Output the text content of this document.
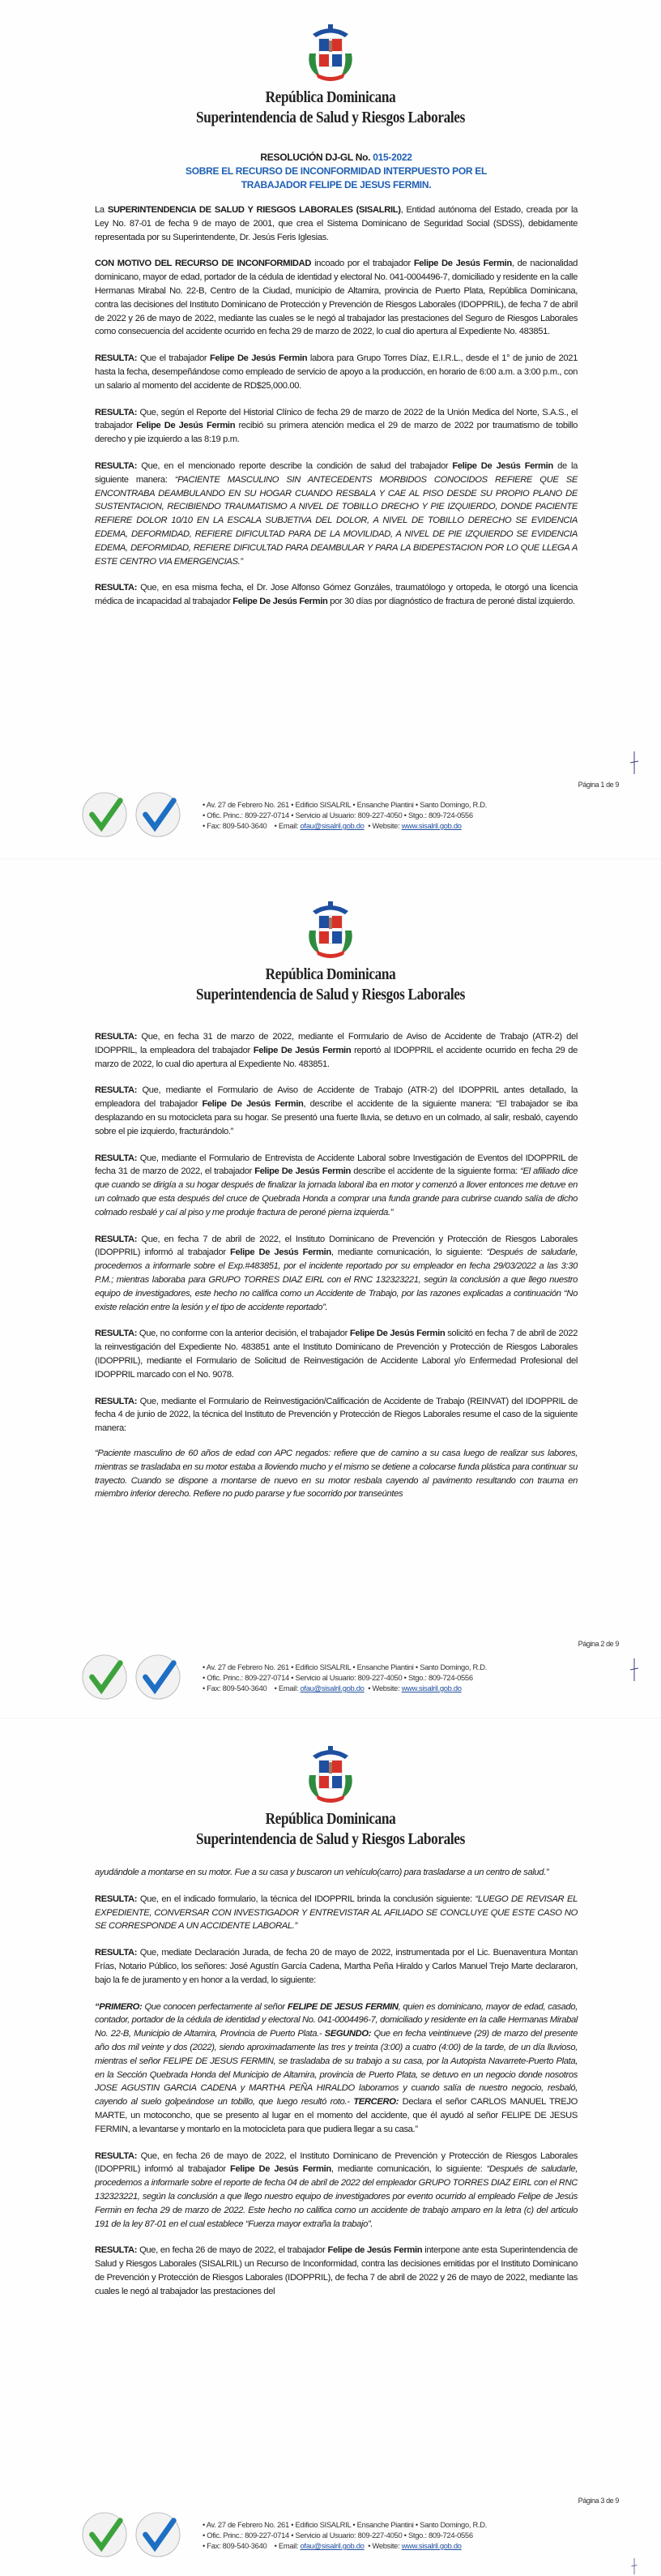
República Dominicana
Superintendencia de Salud y Riesgos Laborales
RESOLUCIÓN DJ-GL No. 015-2022
SOBRE EL RECURSO DE INCONFORMIDAD INTERPUESTO POR EL
TRABAJADOR FELIPE DE JESUS FERMIN.

La SUPERINTENDENCIA DE SALUD Y RIESGOS LABORALES (SISALRIL), Entidad autónoma del Estado, creada por la Ley No. 87-01 de fecha 9 de mayo de 2001, que crea el Sistema Dominicano de Seguridad Social (SDSS), debidamente representada por su Superintendente, Dr. Jesús Feris Iglesias.

CON MOTIVO DEL RECURSO DE INCONFORMIDAD incoado por el trabajador Felipe De Jesús Fermin, de nacionalidad dominicano, mayor de edad, portador de la cédula de identidad y electoral No. 041-0004496-7, domiciliado y residente en la calle Hermanas Mirabal No. 22-B, Centro de la Ciudad, municipio de Altamira, provincia de Puerto Plata, República Dominicana, contra las decisiones del Instituto Dominicano de Protección y Prevención de Riesgos Laborales (IDOPPRIL), de fecha 7 de abril de 2022 y 26 de mayo de 2022, mediante las cuales se le negó al trabajador las prestaciones del Seguro de Riesgos Laborales como consecuencia del accidente ocurrido en fecha 29 de marzo de 2022, lo cual dio apertura al Expediente No. 483851.

RESULTA: Que el trabajador Felipe De Jesús Fermin labora para Grupo Torres Díaz, E.I.R.L., desde el 1° de junio de 2021 hasta la fecha, desempeñándose como empleado de servicio de apoyo a la producción, en horario de 6:00 a.m. a 3:00 p.m., con un salario al momento del accidente de RD$25,000.00.

RESULTA: Que, según el Reporte del Historial Clínico de fecha 29 de marzo de 2022 de la Unión Medica del Norte, S.A.S., el trabajador Felipe De Jesús Fermin recibió su primera atención medica el 29 de marzo de 2022 por traumatismo de tobillo derecho y pie izquierdo a las 8:19 p.m.

RESULTA: Que, en el mencionado reporte describe la condición de salud del trabajador Felipe De Jesús Fermin de la siguiente manera: “PACIENTE MASCULINO SIN ANTECEDENTS MORBIDOS CONOCIDOS REFIERE QUE SE ENCONTRABA DEAMBULANDO EN SU HOGAR CUANDO RESBALA Y CAE AL PISO DESDE SU PROPIO PLANO DE SUSTENTACION, RECIBIENDO TRAUMATISMO A NIVEL DE TOBILLO DRECHO Y PIE IZQUIERDO, DONDE PACIENTE REFIERE DOLOR 10/10 EN LA ESCALA SUBJETIVA DEL DOLOR, A NIVEL DE TOBILLO DERECHO SE EVIDENCIA EDEMA, DEFORMIDAD, REFIERE DIFICULTAD PARA DE LA MOVILIDAD, A NIVEL DE PIE IZQUIERDO SE EVIDENCIA EDEMA, DEFORMIDAD, REFIERE DIFICULTAD PARA DEAMBULAR Y PARA LA BIDEPESTACION POR LO QUE LLEGA A ESTE CENTRO VIA EMERGENCIAS.”

RESULTA: Que, en esa misma fecha, el Dr. Jose Alfonso Gómez Gonzáles, traumatólogo y ortopeda, le otorgó una licencia médica de incapacidad al trabajador Felipe De Jesús Fermin por 30 días por diagnóstico de fractura de peroné distal izquierdo.

Página 1 de 9
• Av. 27 de Febrero No. 261 • Edificio SISALRIL • Ensanche Piantini • Santo Domingo, R.D.
• Ofic. Princ.: 809-227-0714 • Servicio al Usuario: 809-227-4050 • Stgo.: 809-724-0556
• Fax: 809-540-3640 • Email: ofau@sisalril.gob.do • Website: www.sisalril.gob.do
República Dominicana
Superintendencia de Salud y Riesgos Laborales

RESULTA: Que, en fecha 31 de marzo de 2022, mediante el Formulario de Aviso de Accidente de Trabajo (ATR-2) del IDOPPRIL, la empleadora del trabajador Felipe De Jesús Fermin reportó al IDOPPRIL el accidente ocurrido en fecha 29 de marzo de 2022, lo cual dio apertura al Expediente No. 483851.

RESULTA: Que, mediante el Formulario de Aviso de Accidente de Trabajo (ATR-2) del IDOPPRIL antes detallado, la empleadora del trabajador Felipe De Jesús Fermin, describe el accidente de la siguiente manera: “El trabajador se iba desplazando en su motocicleta para su hogar. Se presentó una fuerte lluvia, se detuvo en un colmado, al salir, resbaló, cayendo sobre el pie izquierdo, fracturándolo.”

RESULTA: Que, mediante el Formulario de Entrevista de Accidente Laboral sobre Investigación de Eventos del IDOPPRIL de fecha 31 de marzo de 2022, el trabajador Felipe De Jesús Fermin describe el accidente de la siguiente forma: “El afiliado dice que cuando se dirigía a su hogar después de finalizar la jornada laboral iba en motor y comenzó a llover entonces me detuve en un colmado que esta después del cruce de Quebrada Honda a comprar una funda grande para cubrirse cuando salía de dicho colmado resbalé y caí al piso y me produje fractura de peroné pierna izquierda.”

RESULTA: Que, en fecha 7 de abril de 2022, el Instituto Dominicano de Prevención y Protección de Riesgos Laborales (IDOPPRIL) informó al trabajador Felipe De Jesús Fermin, mediante comunicación, lo siguiente: “Después de saludarle, procedemos a informarle sobre el Exp.#483851, por el incidente reportado por su empleador en fecha 29/03/2022 a las 3:30 P.M.; mientras laboraba para GRUPO TORRES DIAZ EIRL con el RNC 132323221, según la conclusión a que llego nuestro equipo de investigadores, este hecho no califica como un Accidente de Trabajo, por las razones explicadas a continuación “No existe relación entre la lesión y el tipo de accidente reportado”.

RESULTA: Que, no conforme con la anterior decisión, el trabajador Felipe De Jesús Fermin solicitó en fecha 7 de abril de 2022 la reinvestigación del Expediente No. 483851 ante el Instituto Dominicano de Prevención y Protección de Riesgos Laborales (IDOPPRIL), mediante el Formulario de Solicitud de Reinvestigación de Accidente Laboral y/o Enfermedad Profesional del IDOPPRIL marcado con el No. 9078.

RESULTA: Que, mediante el Formulario de Reinvestigación/Calificación de Accidente de Trabajo (REINVAT) del IDOPPRIL de fecha 4 de junio de 2022, la técnica del Instituto de Prevención y Protección de Riegos Laborales resume el caso de la siguiente manera:

“Paciente masculino de 60 años de edad con APC negados: refiere que de camino a su casa luego de realizar sus labores, mientras se trasladaba en su motor estaba a lloviendo mucho y el mismo se detiene a colocarse funda plástica para continuar su trayecto. Cuando se dispone a montarse de nuevo en su motor resbala cayendo al pavimento resultando con trauma en miembro inferior derecho. Refiere no pudo pararse y fue socorrido por transeúntes

Página 2 de 9
• Av. 27 de Febrero No. 261 • Edificio SISALRIL • Ensanche Piantini • Santo Domingo, R.D.
• Ofic. Princ.: 809-227-0714 • Servicio al Usuario: 809-227-4050 • Stgo.: 809-724-0556
• Fax: 809-540-3640 • Email: ofau@sisalril.gob.do • Website: www.sisalril.gob.do
República Dominicana
Superintendencia de Salud y Riesgos Laborales

ayudándole a montarse en su motor. Fue a su casa y buscaron un vehículo(carro) para trasladarse a un centro de salud.”

RESULTA: Que, en el indicado formulario, la técnica del IDOPPRIL brinda la conclusión siguiente: “LUEGO DE REVISAR EL EXPEDIENTE, CONVERSAR CON INVESTIGADOR Y ENTREVISTAR AL AFILIADO SE CONCLUYE QUE ESTE CASO NO SE CORRESPONDE A UN ACCIDENTE LABORAL.”

RESULTA: Que, mediate Declaración Jurada, de fecha 20 de mayo de 2022, instrumentada por el Lic. Buenaventura Montan Frías, Notario Público, los señores: José Agustín García Cadena, Martha Peña Hiraldo y Carlos Manuel Trejo Marte declararon, bajo la fe de juramento y en honor a la verdad, lo siguiente:

“PRIMERO: Que conocen perfectamente al señor FELIPE DE JESUS FERMIN, quien es dominicano, mayor de edad, casado, contador, portador de la cédula de identidad y electoral No. 041-0004496-7, domiciliado y residente en la calle Hermanas Mirabal No. 22-B, Municipio de Altamira, Provincia de Puerto Plata.- SEGUNDO: Que en fecha veintinueve (29) de marzo del presente año dos mil veinte y dos (2022), siendo aproximadamente las tres y treinta (3:00) a cuatro (4:00) de la tarde, de un día lluvioso, mientras el señor FELIPE DE JESUS FERMIN, se trasladaba de su trabajo a su casa, por la Autopista Navarrete-Puerto Plata, en la Sección Quebrada Honda del Municipio de Altamira, provincia de Puerto Plata, se detuvo en un negocio donde nosotros JOSE AGUSTIN GARCIA CADENA y MARTHA PEÑA HIRALDO laboramos y cuando salía de nuestro negocio, resbaló, cayendo al suelo golpeándose un tobillo, que luego resultó roto.- TERCERO: Declara el señor CARLOS MANUEL TREJO MARTE, un motoconcho, que se presento al lugar en el momento del accidente, que él ayudó al señor FELIPE DE JESUS FERMIN, a levantarse y montarlo en la motocicleta para que pudiera llegar a su casa.”

RESULTA: Que, en fecha 26 de mayo de 2022, el Instituto Dominicano de Prevención y Protección de Riesgos Laborales (IDOPPRIL) informó al trabajador Felipe De Jesús Fermin, mediante comunicación, lo siguiente: “Después de saludarle, procedemos a informarle sobre el reporte de fecha 04 de abril de 2022 del empleador GRUPO TORRES DIAZ EIRL con el RNC 132323221, según la conclusión a que llego nuestro equipo de investigadores por evento ocurrido al empleado Felipe de Jesús Fermin en fecha 29 de marzo de 2022. Este hecho no califica como un accidente de trabajo amparo en la letra (c) del articulo 191 de la ley 87-01 en el cual establece “Fuerza mayor extraña la trabajo”.

RESULTA: Que, en fecha 26 de mayo de 2022, el trabajador Felipe de Jesús Fermin interpone ante esta Superintendencia de Salud y Riesgos Laborales (SISALRIL) un Recurso de Inconformidad, contra las decisiones emitidas por el Instituto Dominicano de Prevención y Protección de Riesgos Laborales (IDOPPRIL), de fecha 7 de abril de 2022 y 26 de mayo de 2022, mediante las cuales le negó al trabajador las prestaciones del

Página 3 de 9
• Av. 27 de Febrero No. 261 • Edificio SISALRIL • Ensanche Piantini • Santo Domingo, R.D.
• Ofic. Princ.: 809-227-0714 • Servicio al Usuario: 809-227-4050 • Stgo.: 809-724-0556
• Fax: 809-540-3640 • Email: ofau@sisalril.gob.do • Website: www.sisalril.gob.do
